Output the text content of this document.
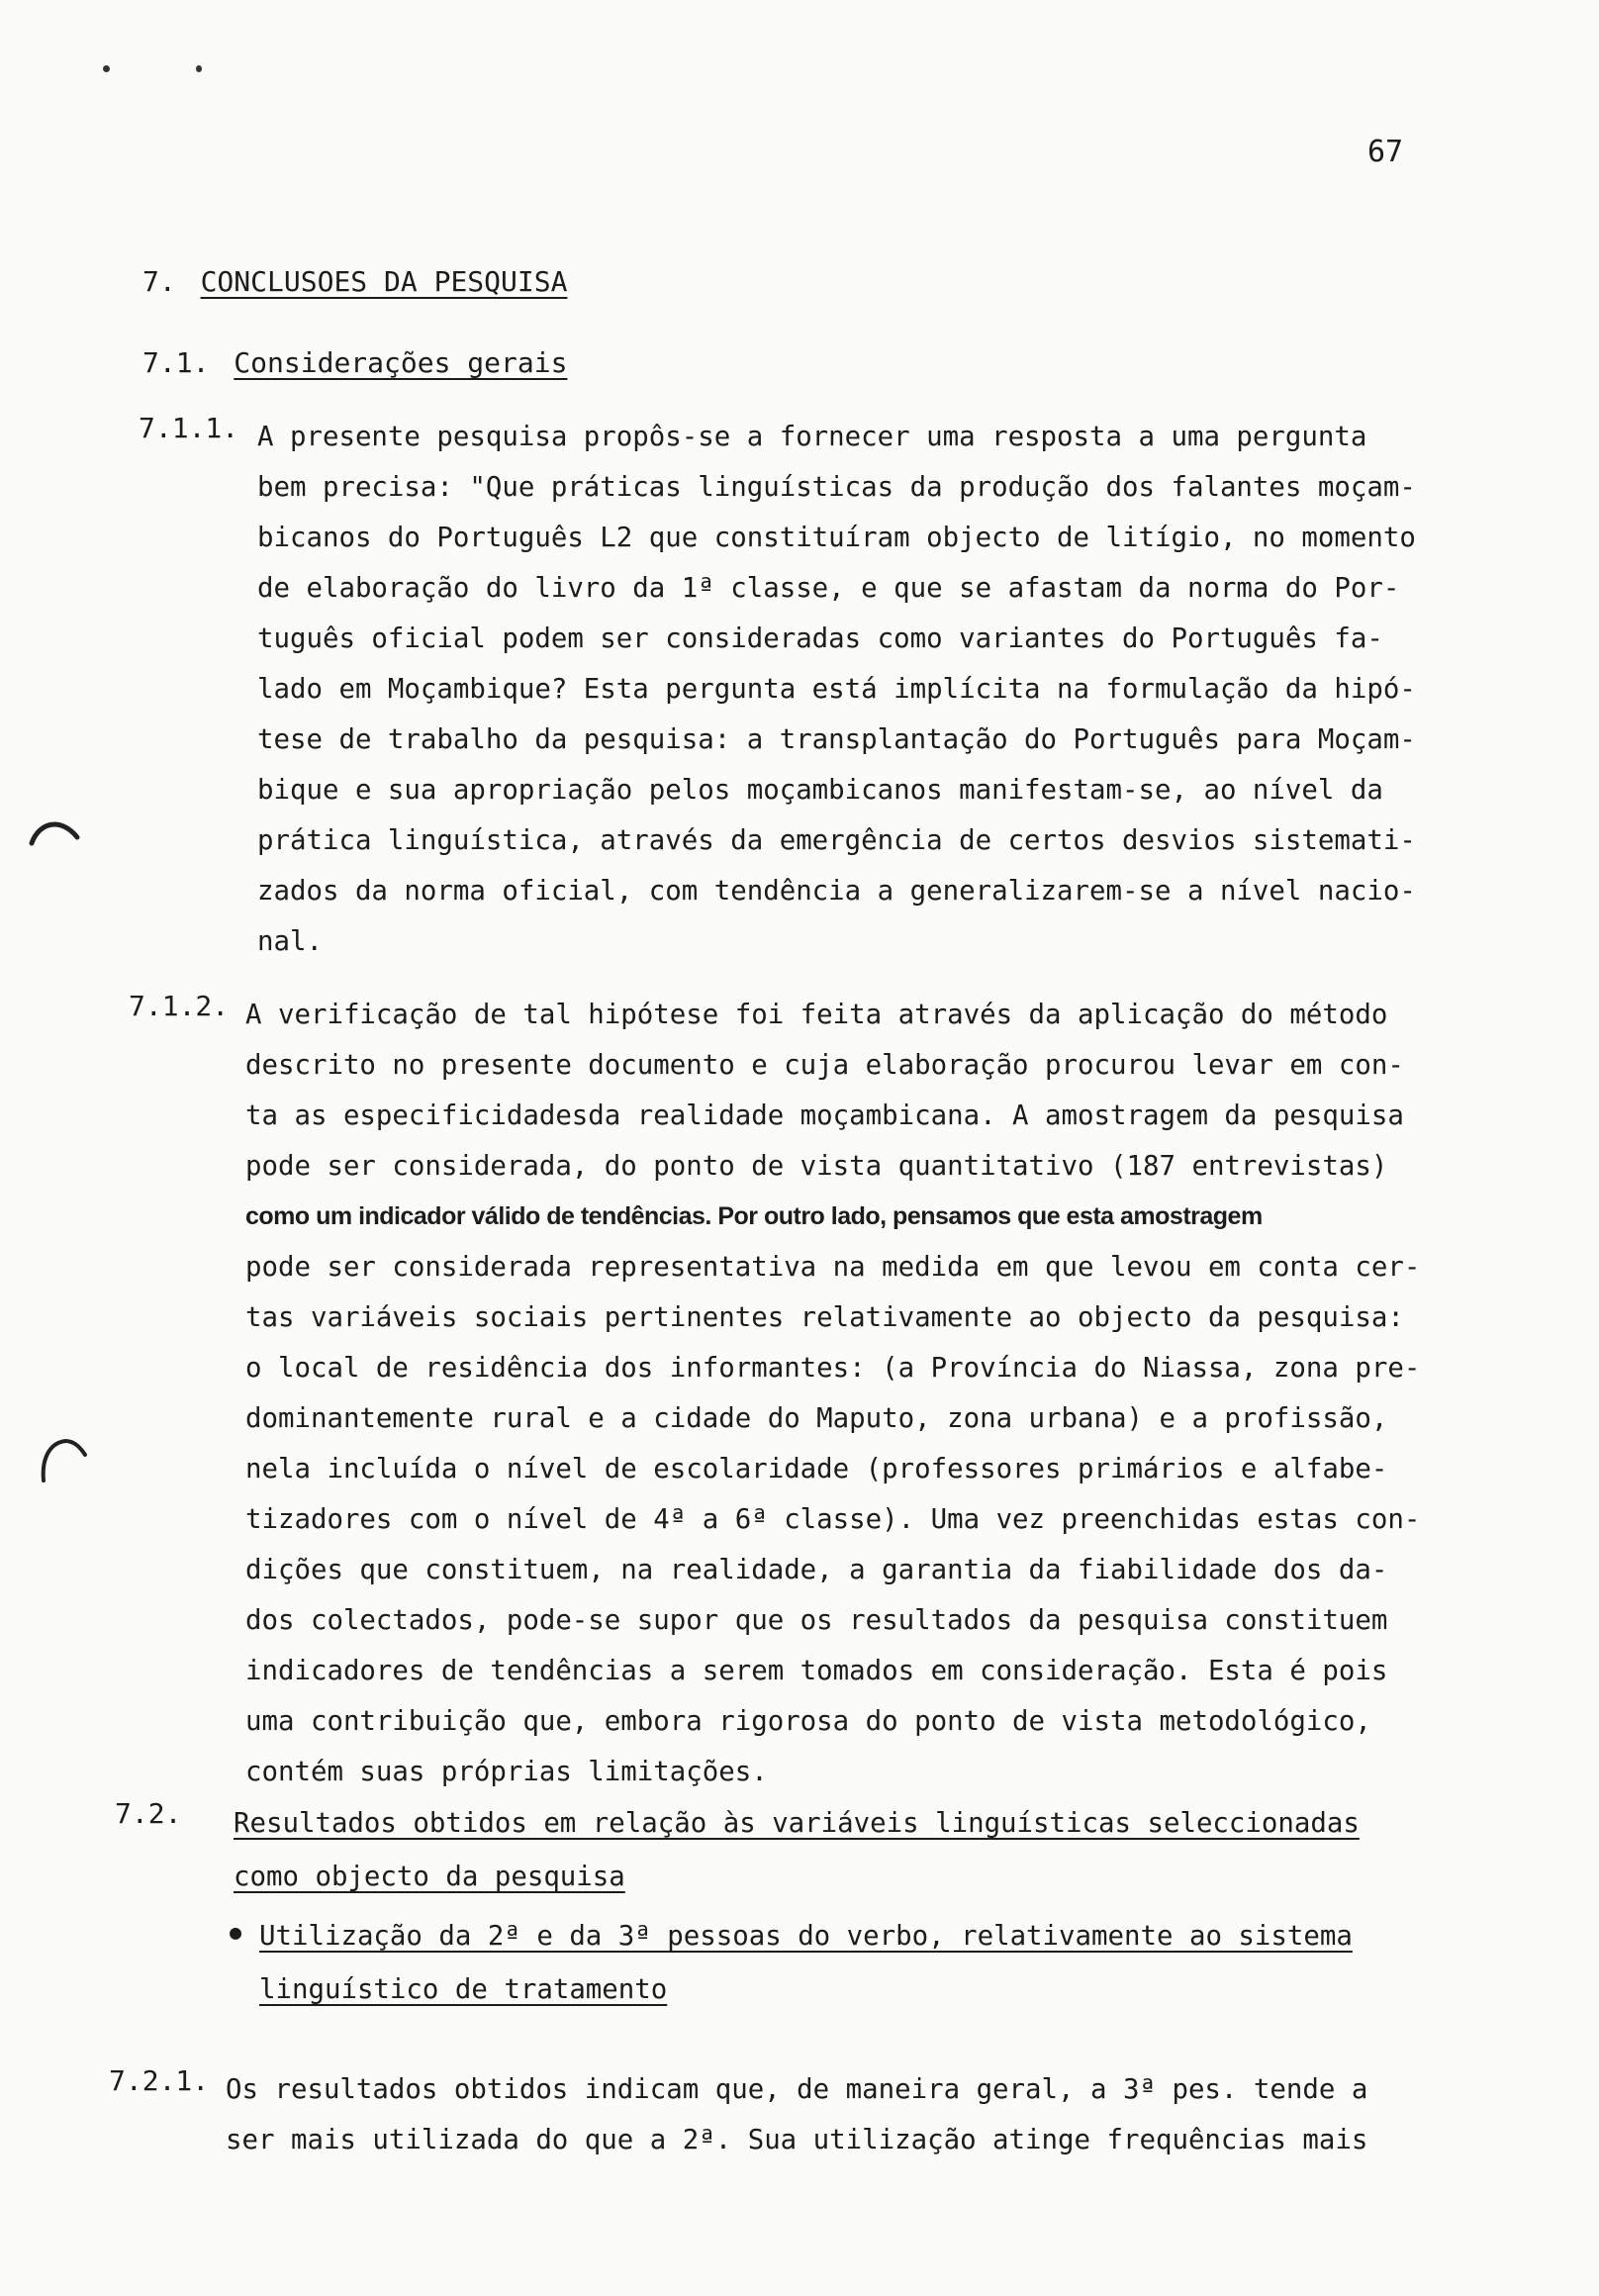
67
7. CONCLUSOES DA PESQUISA
7.1. Considerações gerais
7.1.1. A presente pesquisa propôs-se a fornecer uma resposta a uma pergunta
bem precisa: "Que práticas linguísticas da produção dos falantes moçam-
bicanos do Português L2 que constituíram objecto de litígio, no momento
de elaboração do livro da 1ª classe, e que se afastam da norma do Por-
tuguês oficial podem ser consideradas como variantes do Português fa-
lado em Moçambique? Esta pergunta está implícita na formulação da hipó-
tese de trabalho da pesquisa: a transplantação do Português para Moçam-
bique e sua apropriação pelos moçambicanos manifestam-se, ao nível da
prática linguística, através da emergência de certos desvios sistemati-
zados da norma oficial, com tendência a generalizarem-se a nível nacio-
nal.
7.1.2. A verificação de tal hipótese foi feita através da aplicação do método
descrito no presente documento e cuja elaboração procurou levar em con-
ta as especificidadesda realidade moçambicana. A amostragem da pesquisa
pode ser considerada, do ponto de vista quantitativo (187 entrevistas)
como um indicador válido de tendências. Por outro lado, pensamos que esta amostragem
pode ser considerada representativa na medida em que levou em conta cer-
tas variáveis sociais pertinentes relativamente ao objecto da pesquisa:
o local de residência dos informantes: (a Província do Niassa, zona pre-
dominantemente rural e a cidade do Maputo, zona urbana) e a profissão,
nela incluída o nível de escolaridade (professores primários e alfabe-
tizadores com o nível de 4ª a 6ª classe). Uma vez preenchidas estas con-
dições que constituem, na realidade, a garantia da fiabilidade dos da-
dos colectados, pode-se supor que os resultados da pesquisa constituem
indicadores de tendências a serem tomados em consideração. Esta é pois
uma contribuição que, embora rigorosa do ponto de vista metodológico,
contém suas próprias limitações.
7.2. Resultados obtidos em relação às variáveis linguísticas seleccionadas
como objecto da pesquisa
● Utilização da 2ª e da 3ª pessoas do verbo, relativamente ao sistema
linguístico de tratamento
7.2.1. Os resultados obtidos indicam que, de maneira geral, a 3ª pes. tende a
ser mais utilizada do que a 2ª. Sua utilização atinge frequências mais
